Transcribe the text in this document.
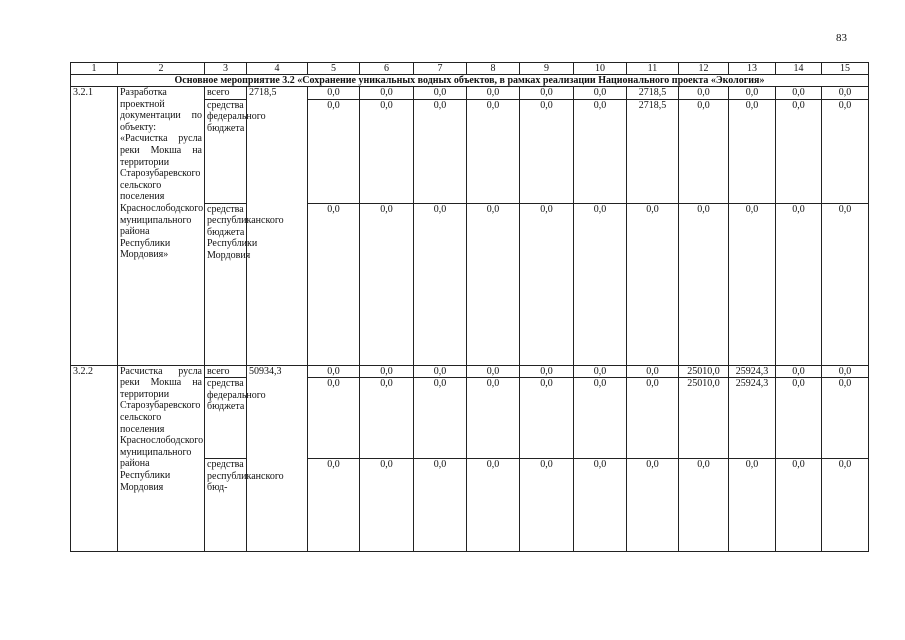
83
1	2	3	4	5	6	7	8	9	10	11	12	13	14	15
Основное мероприятие 3.2 «Сохранение уникальных водных объектов, в рамках реализации Национального проекта «Экология»														
3.2.1	Разработка проектной документации по объекту: «Расчистка русла реки Мокша на территории Старозубаревского сельского поселения Краснослободского муниципального района Республики Мордовия»	всего	2718,5	0,0	0,0	0,0	0,0	0,0	0,0	2718,5	0,0	0,0	0,0	0,0
		средства федерального бюджета		0,0	0,0	0,0	0,0	0,0	0,0	2718,5	0,0	0,0	0,0	0,0
		средства республиканского бюджета Республики Мордовия		0,0	0,0	0,0	0,0	0,0	0,0	0,0	0,0	0,0	0,0	0,0
3.2.2	Расчистка русла реки Мокша на территории Старозубаревского сельского поселения Краснослободского муниципального района Республики Мордовия	всего	50934,3	0,0	0,0	0,0	0,0	0,0	0,0	0,0	25010,0	25924,3	0,0	0,0
		средства федерального бюджета		0,0	0,0	0,0	0,0	0,0	0,0	0,0	25010,0	25924,3	0,0	0,0
		средства республиканского бюд-		0,0	0,0	0,0	0,0	0,0	0,0	0,0	0,0	0,0	0,0	0,0
